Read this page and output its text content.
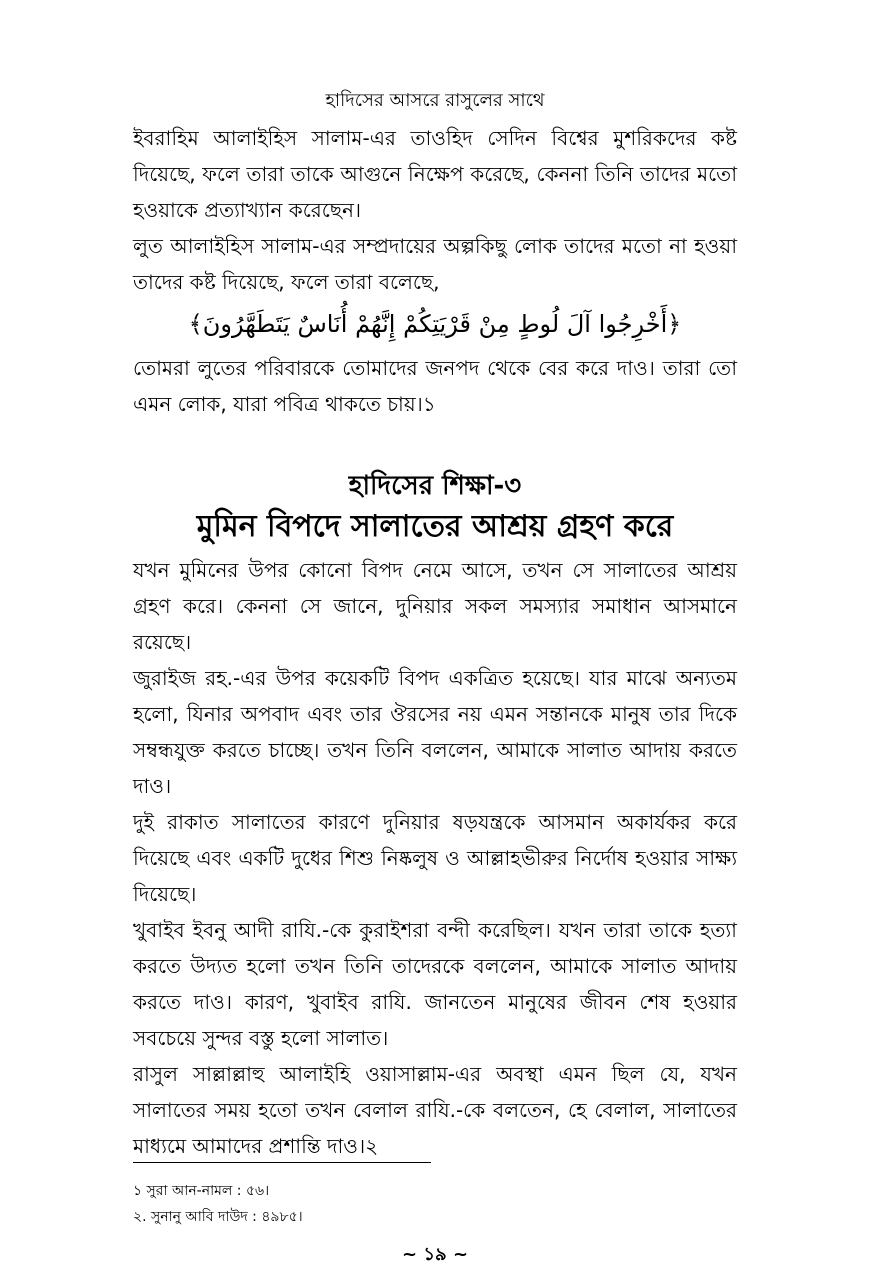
হাদিসের আসরে রাসুলের সাথে

ইবরাহিম আলাইহিস সালাম-এর তাওহিদ সেদিন বিশ্বের মুশরিকদের কষ্ট দিয়েছে, ফলে তারা তাকে আগুনে নিক্ষেপ করেছে, কেননা তিনি তাদের মতো হওয়াকে প্রত্যাখ্যান করেছেন।

লুত আলাইহিস সালাম-এর সম্প্রদায়ের অল্পকিছু লোক তাদের মতো না হওয়া তাদের কষ্ট দিয়েছে, ফলে তারা বলেছে,

﴿أَخْرِجُوا آلَ لُوطٍ مِنْ قَرْيَتِكُمْ إِنَّهُمْ أُنَاسٌ يَتَطَهَّرُونَ﴾

তোমরা লুতের পরিবারকে তোমাদের জনপদ থেকে বের করে দাও। তারা তো এমন লোক, যারা পবিত্র থাকতে চায়।১

হাদিসের শিক্ষা-৩
মুমিন বিপদে সালাতের আশ্রয় গ্রহণ করে

যখন মুমিনের উপর কোনো বিপদ নেমে আসে, তখন সে সালাতের আশ্রয় গ্রহণ করে। কেননা সে জানে, দুনিয়ার সকল সমস্যার সমাধান আসমানে রয়েছে।

জুরাইজ রহ.-এর উপর কয়েকটি বিপদ একত্রিত হয়েছে। যার মাঝে অন্যতম হলো, যিনার অপবাদ এবং তার ঔরসের নয় এমন সন্তানকে মানুষ তার দিকে সম্বন্ধযুক্ত করতে চাচ্ছে। তখন তিনি বললেন, আমাকে সালাত আদায় করতে দাও।

দুই রাকাত সালাতের কারণে দুনিয়ার ষড়যন্ত্রকে আসমান অকার্যকর করে দিয়েছে এবং একটি দুধের শিশু নিষ্কলুষ ও আল্লাহভীরুর নির্দোষ হওয়ার সাক্ষ্য দিয়েছে।

খুবাইব ইবনু আদী রাযি.-কে কুরাইশরা বন্দী করেছিল। যখন তারা তাকে হত্যা করতে উদ্যত হলো তখন তিনি তাদেরকে বললেন, আমাকে সালাত আদায় করতে দাও। কারণ, খুবাইব রাযি. জানতেন মানুষের জীবন শেষ হওয়ার সবচেয়ে সুন্দর বস্তু হলো সালাত।

রাসুল সাল্লাল্লাহু আলাইহি ওয়াসাল্লাম-এর অবস্থা এমন ছিল যে, যখন সালাতের সময় হতো তখন বেলাল রাযি.-কে বলতেন, হে বেলাল, সালাতের মাধ্যমে আমাদের প্রশান্তি দাও।২

১ সুরা আন-নামল : ৫৬।
২. সুনানু আবি দাউদ : ৪৯৮৫।
~ ১৯ ~
